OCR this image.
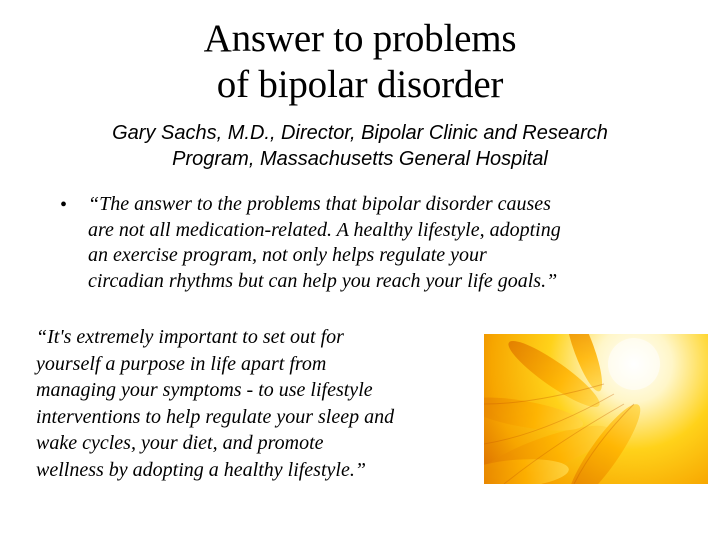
Answer to problems
of bipolar disorder
Gary Sachs, M.D., Director, Bipolar Clinic and Research
Program, Massachusetts General Hospital
• “The answer to the problems that bipolar disorder causes
are not all medication-related. A healthy lifestyle, adopting
an exercise program, not only helps regulate your
circadian rhythms but can help you reach your life goals.”
“It's extremely important to set out for
yourself a purpose in life apart from
managing your symptoms - to use lifestyle
interventions to help regulate your sleep and
wake cycles, your diet, and promote
wellness by adopting a healthy lifestyle.”
